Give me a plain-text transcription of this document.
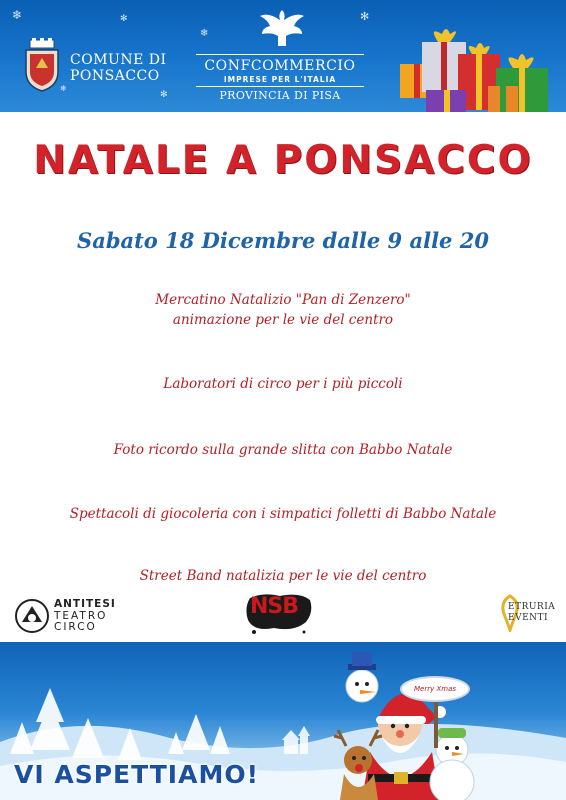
❄	✻
❄
✻
❄
✻
COMUNE DI
PONSACCO
CONFCOMMERCIO
IMPRESE PER L'ITALIA
PROVINCIA DI PISA
NATALE A PONSACCO
Sabato 18 Dicembre dalle 9 alle 20
Mercatino Natalizio "Pan di Zenzero"
animazione per le vie del centro
Laboratori di circo per i più piccoli
Foto ricordo sulla grande slitta con Babbo Natale
Spettacoli di giocoleria con i simpatici folletti di Babbo Natale
Street Band natalizia per le vie del centro
ANTITESI
TEATRO
CIRCO
NSB	ETRURIA
EVENTI
Merry Xmas
VI ASPETTIAMO!
